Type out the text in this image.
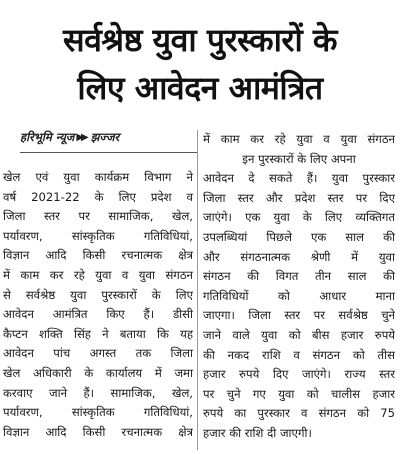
सर्वश्रेष्ठ युवा पुरस्कारों के
लिए आवेदन आमंत्रित
हरिभूमि न्यूज ▶▶ झज्जर
खेल एवं युवा कार्यक्रम विभाग ने
वर्ष 2021-22 के लिए प्रदेश व
जिला स्तर पर सामाजिक, खेल,
पर्यावरण, सांस्कृतिक गतिविधियां,
विज्ञान आदि किसी रचनात्मक क्षेत्र
में काम कर रहे युवा व युवा संगठन
से सर्वश्रेष्ठ युवा पुरस्कारों के लिए
आवेदन आमंत्रित किए हैं। डीसी
कैप्टन शक्ति सिंह ने बताया कि यह
आवेदन पांच अगस्त तक जिला
खेल अधिकारी के कार्यालय में जमा
करवाए जाने हैं। सामाजिक, खेल,
पर्यावरण, सांस्कृतिक गतिविधियां,
विज्ञान आदि किसी रचनात्मक क्षेत्र
में काम कर रहे युवा व युवा संगठन
इन पुरस्कारों के लिए अपना
आवेदन दे सकते हैं। युवा पुरस्कार
जिला स्तर और प्रदेश स्तर पर दिए
जाएंगे। एक युवा के लिए व्यक्तिगत
उपलब्धियां पिछले एक साल की
और संगठनात्मक श्रेणी में युवा
संगठन की विगत तीन साल की
गतिविधियों को आधार माना
जाएगा। जिला स्तर पर सर्वश्रेष्ठ चुने
जाने वाले युवा को बीस हजार रुपये
की नकद राशि व संगठन को तीस
हजार रुपये दिए जाएंगे। राज्य स्तर
पर चुने गए युवा को चालीस हजार
रुपये का पुरस्कार व संगठन को 75
हजार की राशि दी जाएगी।
